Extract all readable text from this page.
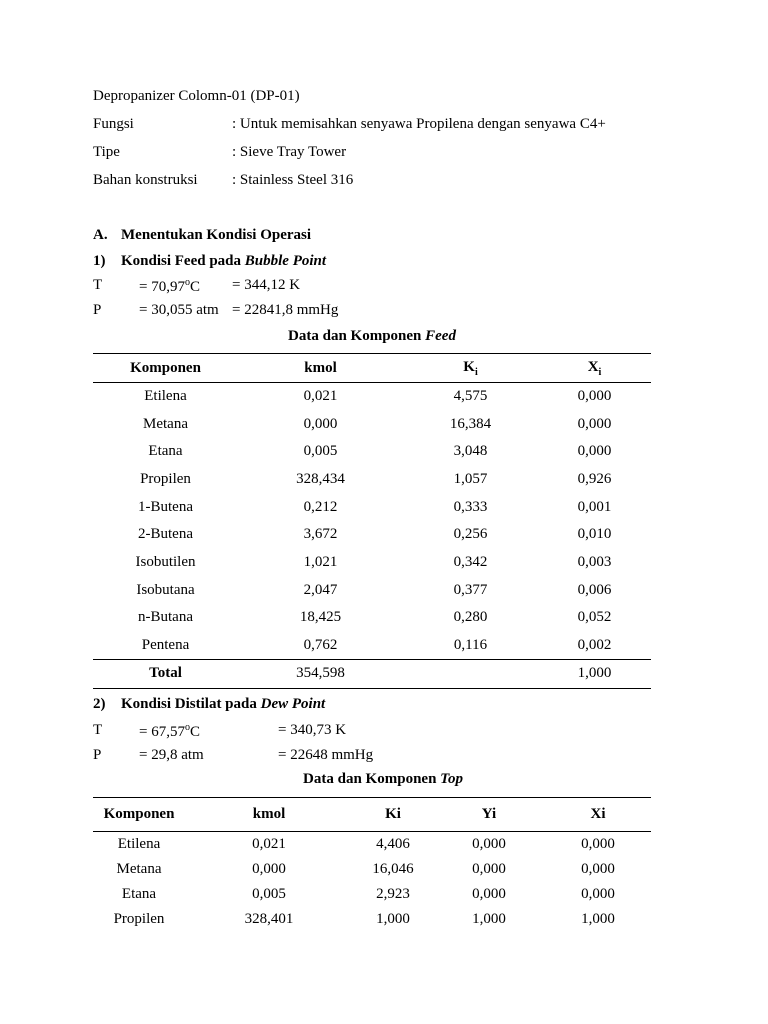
Depropanizer Colomn-01 (DP-01)
Fungsi	: Untuk memisahkan senyawa Propilena dengan senyawa C4+
Tipe	: Sieve Tray Tower
Bahan konstruksi : Stainless Steel 316
A. Menentukan Kondisi Operasi
1) Kondisi Feed pada Bubble Point
$T = 70,97^oC = 344,12$ K
P	= 30,055 atm = 22841,8 mmHg
Data dan Komponen Feed
Komponen	kmol	$K_i$	$X_i$
Etilena	0,021	4,575	0,000
Metana	0,000	16,384	0,000
Etana	0,005	3,048	0,000
Propilen	328,434	1,057	0,926
1-Butena	0,212	0,333	0,001
2-Butena	3,672	0,256	0,010
Isobutilen	1,021	0,342	0,003
Isobutana	2,047	0,377	0,006
n-Butana	18,425	0,280	0,052
Pentena	0,762	0,116	0,002
Total	354,598		1,000
2) Kondisi Distilat pada Dew Point
$T = 67,57^oC$	= 340,73 K
P	= 29,8 atm	= 22648 mmHg
Data dan Komponen Top
Komponen	kmol	Ki	Yi	Xi
Etilena	0,021	4,406	0,000	0,000
Metana	0,000	16,046	0,000	0,000
Etana	0,005	2,923	0,000	0,000
Propilen	328,401	1,000	1,000	1,000
